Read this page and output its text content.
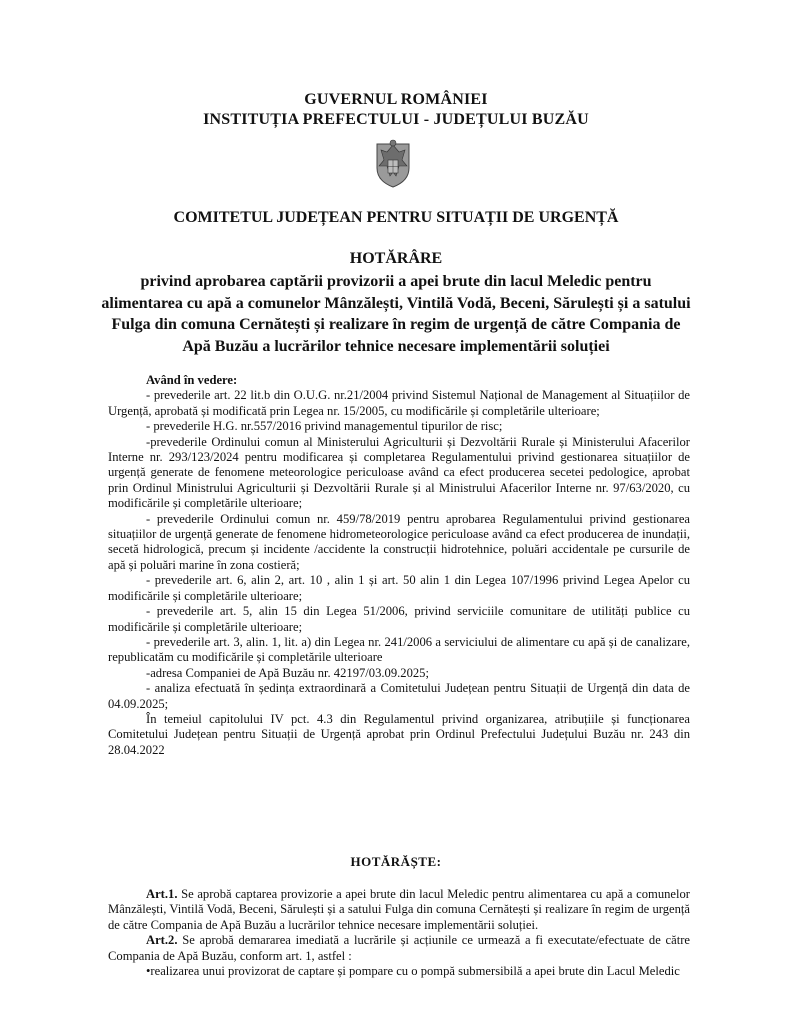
GUVERNUL ROMÂNIEI
INSTITUȚIA PREFECTULUI - JUDEȚULUI BUZĂU
COMITETUL JUDEȚEAN PENTRU SITUAȚII DE URGENȚĂ
HOTĂRÂRE
privind aprobarea captării provizorii a apei brute din lacul Meledic pentru alimentarea cu apă a comunelor Mânzălești, Vintilă Vodă, Beceni, Sărulești și a satului Fulga din comuna Cernătești și realizare în regim de urgență de către Compania de Apă Buzău a lucrărilor tehnice necesare implementării soluției

Având în vedere:

- prevederile art. 22 lit.b din O.U.G. nr.21/2004 privind Sistemul Național de Management al Situațiilor de Urgență, aprobată și modificată prin Legea nr. 15/2005, cu modificările și completările ulterioare;

- prevederile H.G. nr.557/2016 privind managementul tipurilor de risc;

-prevederile Ordinului comun al Ministerului Agriculturii și Dezvoltării Rurale și Ministerului Afacerilor Interne nr. 293/123/2024 pentru modificarea și completarea Regulamentului privind gestionarea situațiilor de urgență generate de fenomene meteorologice periculoase având ca efect producerea secetei pedologice, aprobat prin Ordinul Ministrului Agriculturii și Dezvoltării Rurale și al Ministrului Afacerilor Interne nr. 97/63/2020, cu modificările și completările ulterioare;

- prevederile Ordinului comun nr. 459/78/2019 pentru aprobarea Regulamentului privind gestionarea situațiilor de urgență generate de fenomene hidrometeorologice periculoase având ca efect producerea de inundații, secetă hidrologică, precum și incidente /accidente la construcții hidrotehnice, poluări accidentale pe cursurile de apă și poluări marine în zona costieră;

- prevederile art. 6, alin 2, art. 10 , alin 1 și art. 50 alin 1 din Legea 107/1996 privind Legea Apelor cu modificările și completările ulterioare;

- prevederile art. 5, alin 15 din Legea 51/2006, privind serviciile comunitare de utilități publice cu modificările și completările ulterioare;

- prevederile art. 3, alin. 1, lit. a) din Legea nr. 241/2006 a serviciului de alimentare cu apă și de canalizare, republicatăm cu modificările și completările ulterioare

-adresa Companiei de Apă Buzău nr. 42197/03.09.2025;

- analiza efectuată în ședința extraordinară a Comitetului Județean pentru Situații de Urgență din data de 04.09.2025;

În temeiul capitolului IV pct. 4.3 din Regulamentul privind organizarea, atribuțiile și funcționarea Comitetului Județean pentru Situații de Urgență aprobat prin Ordinul Prefectului Județului Buzău nr. 243 din 28.04.2022

HOTĂRĂȘTE:

Art.1. Se aprobă captarea provizorie a apei brute din lacul Meledic pentru alimentarea cu apă a comunelor Mânzălești, Vintilă Vodă, Beceni, Sărulești și a satului Fulga din comuna Cernătești și realizare în regim de urgență de către Compania de Apă Buzău a lucrărilor tehnice necesare implementării soluției.

Art.2. Se aprobă demararea imediată a lucrările și acțiunile ce urmează a fi executate/efectuate de către Compania de Apă Buzău, conform art. 1, astfel :

•realizarea unui provizorat de captare și pompare cu o pompă submersibilă a apei brute din Lacul Meledic
